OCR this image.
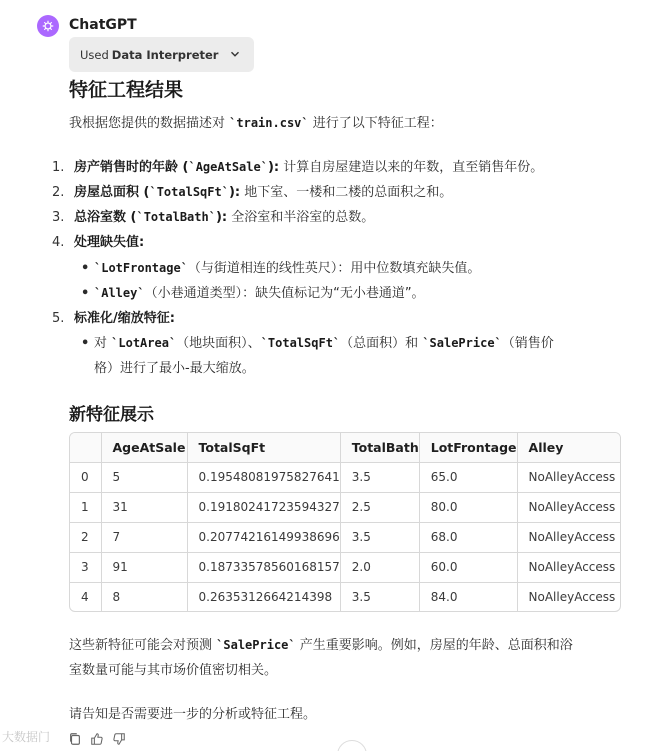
ChatGPT
Used Data Interpreter
特征工程结果
我根据您提供的数据描述对 `train.csv` 进行了以下特征工程：
1. 房产销售时的年龄 (`AgeAtSale`): 计算自房屋建造以来的年数，直至销售年份。
2. 房屋总面积 (`TotalSqFt`): 地下室、一楼和二楼的总面积之和。
3. 总浴室数 (`TotalBath`): 全浴室和半浴室的总数。
4. 处理缺失值:
• `LotFrontage`（与街道相连的线性英尺）：用中位数填充缺失值。
• `Alley`（小巷通道类型）：缺失值标记为“无小巷通道”。
5. 标准化/缩放特征:
• 对 `LotArea`（地块面积）、`TotalSqFt`（总面积）和 `SalePrice`（销售价
格）进行了最小-最大缩放。
新特征展示
	AgeAtSale	TotalSqFt	TotalBath	LotFrontage	Alley
0	5	0.19548081975827641	3.5	65.0	NoAlleyAccess
1	31	0.19180241723594327	2.5	80.0	NoAlleyAccess
2	7	0.20774216149938696	3.5	68.0	NoAlleyAccess
3	91	0.18733578560168157	2.0	60.0	NoAlleyAccess
4	8	0.2635312664214398	3.5	84.0	NoAlleyAccess
这些新特征可能会对预测 `SalePrice` 产生重要影响。例如，房屋的年龄、总面积和浴
室数量可能与其市场价值密切相关。
请告知是否需要进一步的分析或特征工程。
大数据门
